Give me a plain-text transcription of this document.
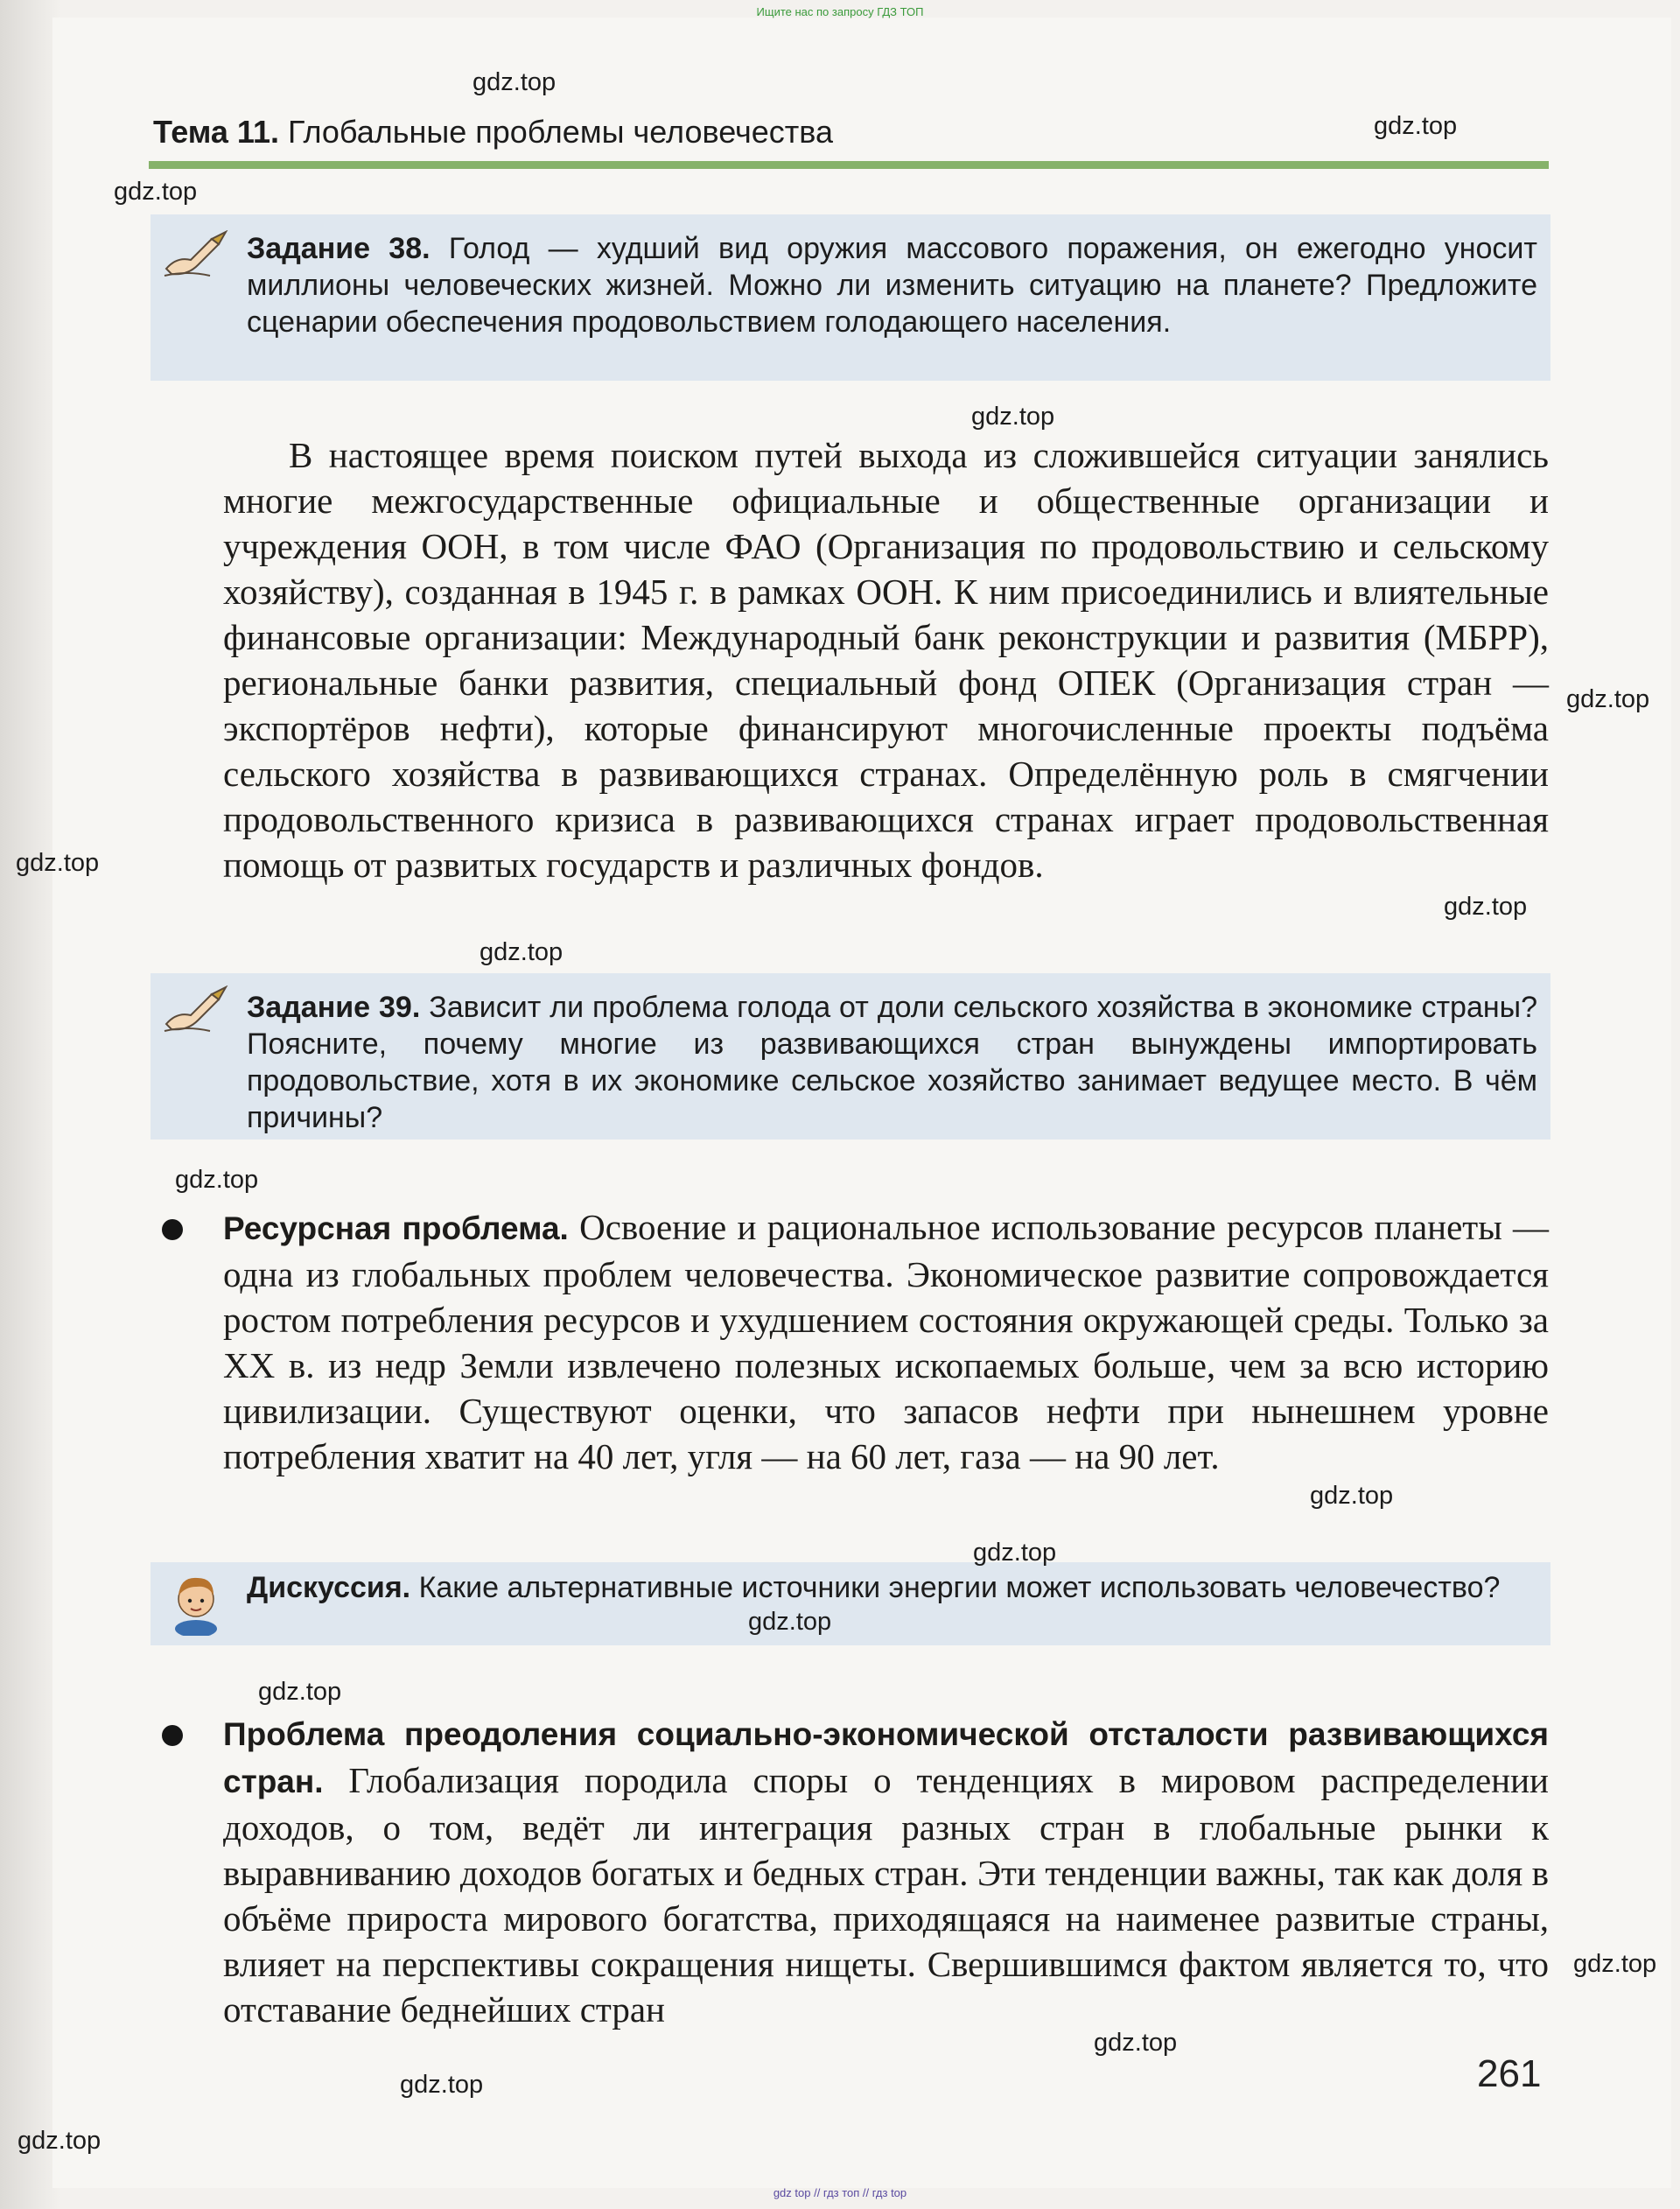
Ищите нас по запросу ГДЗ ТОП
Тема 11. Глобальные проблемы человечества

Задание 38. Голод — худший вид оружия массового поражения, он ежегодно уносит миллионы человеческих жизней. Можно ли изменить ситуацию на планете? Предложите сценарии обеспечения продовольствием голодающего населения.

В настоящее время поиском путей выхода из сложившейся ситуации занялись многие межгосударственные официальные и общественные организации и учреждения ООН, в том числе ФАО (Организация по продовольствию и сельскому хозяйству), созданная в 1945 г. в рамках ООН. К ним присоединились и влиятельные финансовые организации: Международный банк реконструкции и развития (МБРР), региональные банки развития, специальный фонд ОПЕК (Организация стран — экспортёров нефти), которые финансируют многочисленные проекты подъёма сельского хозяйства в развивающихся странах. Определённую роль в смягчении продовольственного кризиса в развивающихся странах играет продовольственная помощь от развитых государств и различных фондов.

Задание 39. Зависит ли проблема голода от доли сельского хозяйства в экономике страны? Поясните, почему многие из развивающихся стран вынуждены импортировать продовольствие, хотя в их экономике сельское хозяйство занимает ведущее место. В чём причины?

Ресурсная проблема. Освоение и рациональное использование ресурсов планеты — одна из глобальных проблем человечества. Экономическое развитие сопровождается ростом потребления ресурсов и ухудшением состояния окружающей среды. Только за XX в. из недр Земли извлечено полезных ископаемых больше, чем за всю историю цивилизации. Существуют оценки, что запасов нефти при нынешнем уровне потребления хватит на 40 лет, угля — на 60 лет, газа — на 90 лет.

Дискуссия. Какие альтернативные источники энергии может использовать человечество?

Проблема преодоления социально-экономической отсталости развивающихся стран. Глобализация породила споры о тенденциях в мировом распределении доходов, о том, ведёт ли интеграция разных стран в глобальные рынки к выравниванию доходов богатых и бедных стран. Эти тенденции важны, так как доля в объёме прироста мирового богатства, приходящаяся на наименее развитые страны, влияет на перспективы сокращения нищеты. Свершившимся фактом является то, что отставание беднейших стран

261
gdz.top
gdz.top
gdz.top
gdz.top
gdz.top
gdz.top
gdz.top
gdz.top
gdz.top
gdz.top
gdz.top
gdz.top
gdz.top
gdz.top
gdz.top
gdz.top
gdz.top
gdz top // гдз топ // гдз top
